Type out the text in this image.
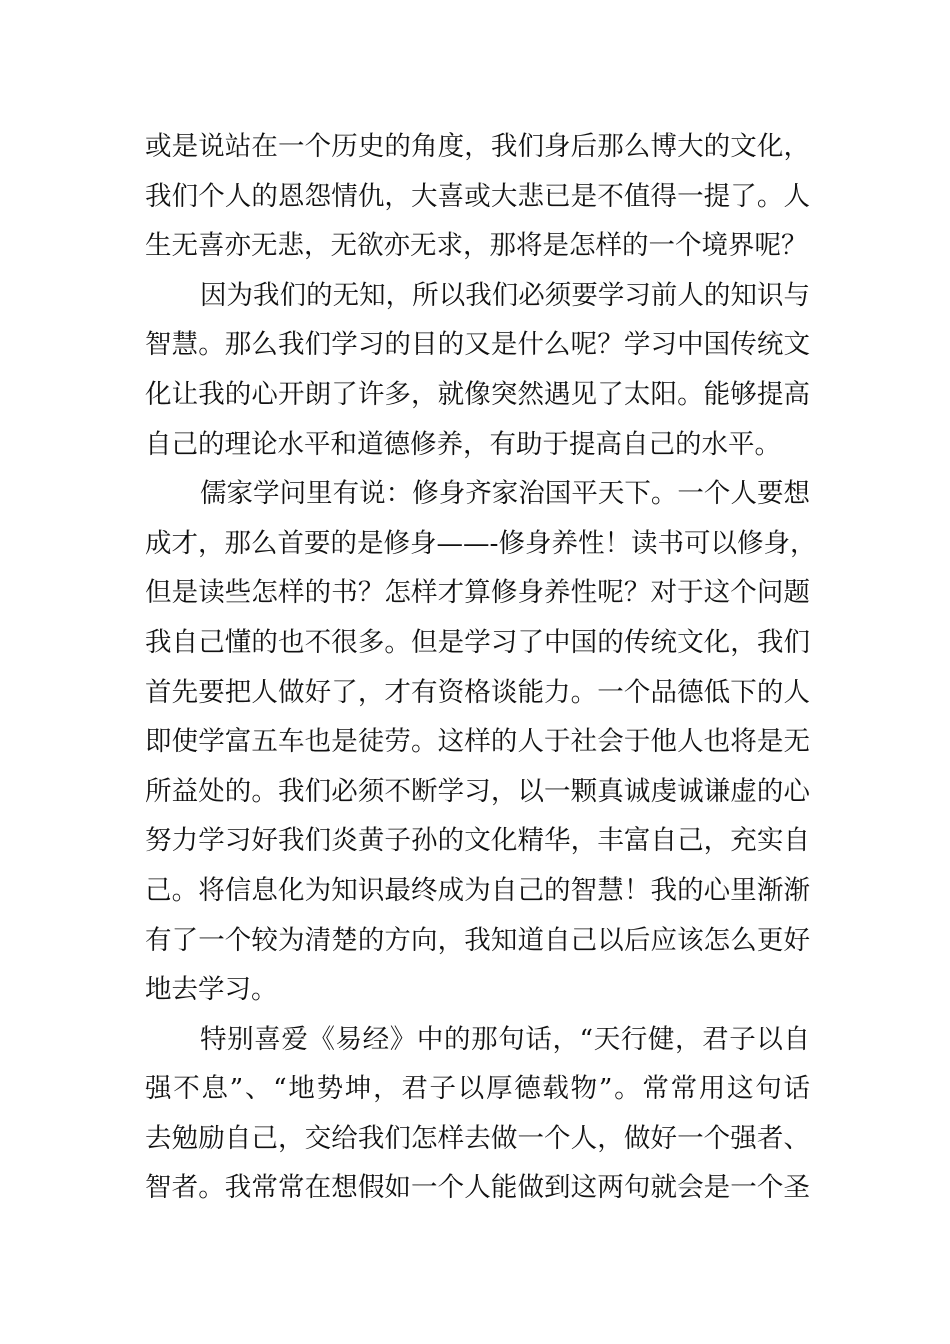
或是说站在一个历史的角度，我们身后那么博大的文化，
我们个人的恩怨情仇，大喜或大悲已是不值得一提了。人
生无喜亦无悲，无欲亦无求，那将是怎样的一个境界呢？
因为我们的无知，所以我们必须要学习前人的知识与
智慧。那么我们学习的目的又是什么呢？学习中国传统文
化让我的心开朗了许多，就像突然遇见了太阳。能够提高
自己的理论水平和道德修养，有助于提高自己的水平。
儒家学问里有说：修身齐家治国平天下。一个人要想
成才，那么首要的是修身——-修身养性！读书可以修身，
但是读些怎样的书？怎样才算修身养性呢？对于这个问题
我自己懂的也不很多。但是学习了中国的传统文化，我们
首先要把人做好了，才有资格谈能力。一个品德低下的人
即使学富五车也是徒劳。这样的人于社会于他人也将是无
所益处的。我们必须不断学习，以一颗真诚虔诚谦虚的心
努力学习好我们炎黄子孙的文化精华，丰富自己，充实自
己。将信息化为知识最终成为自己的智慧！我的心里渐渐
有了一个较为清楚的方向，我知道自己以后应该怎么更好
地去学习。
特别喜爱《易经》中的那句话，“天行健，君子以自
强不息”、“地势坤，君子以厚德载物”。常常用这句话
去勉励自己，交给我们怎样去做一个人，做好一个强者、
智者。我常常在想假如一个人能做到这两句就会是一个圣
